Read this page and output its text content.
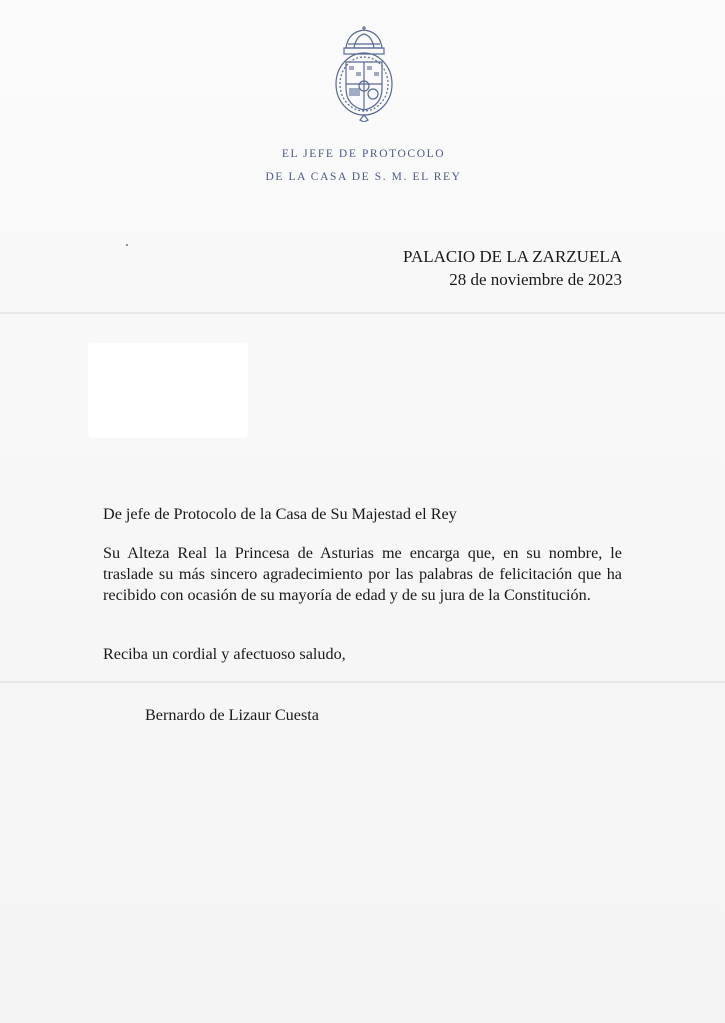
EL JEFE DE PROTOCOLO
DE LA CASA DE S. M. EL REY
PALACIO DE LA ZARZUELA
28 de noviembre de 2023
De jefe de Protocolo de la Casa de Su Majestad el Rey
Su Alteza Real la Princesa de Asturias me encarga que, en su nombre, le traslade su más sincero agradecimiento por las palabras de felicitación que ha recibido con ocasión de su mayoría de edad y de su jura de la Constitución.
Reciba un cordial y afectuoso saludo,
Bernardo de Lizaur Cuesta
